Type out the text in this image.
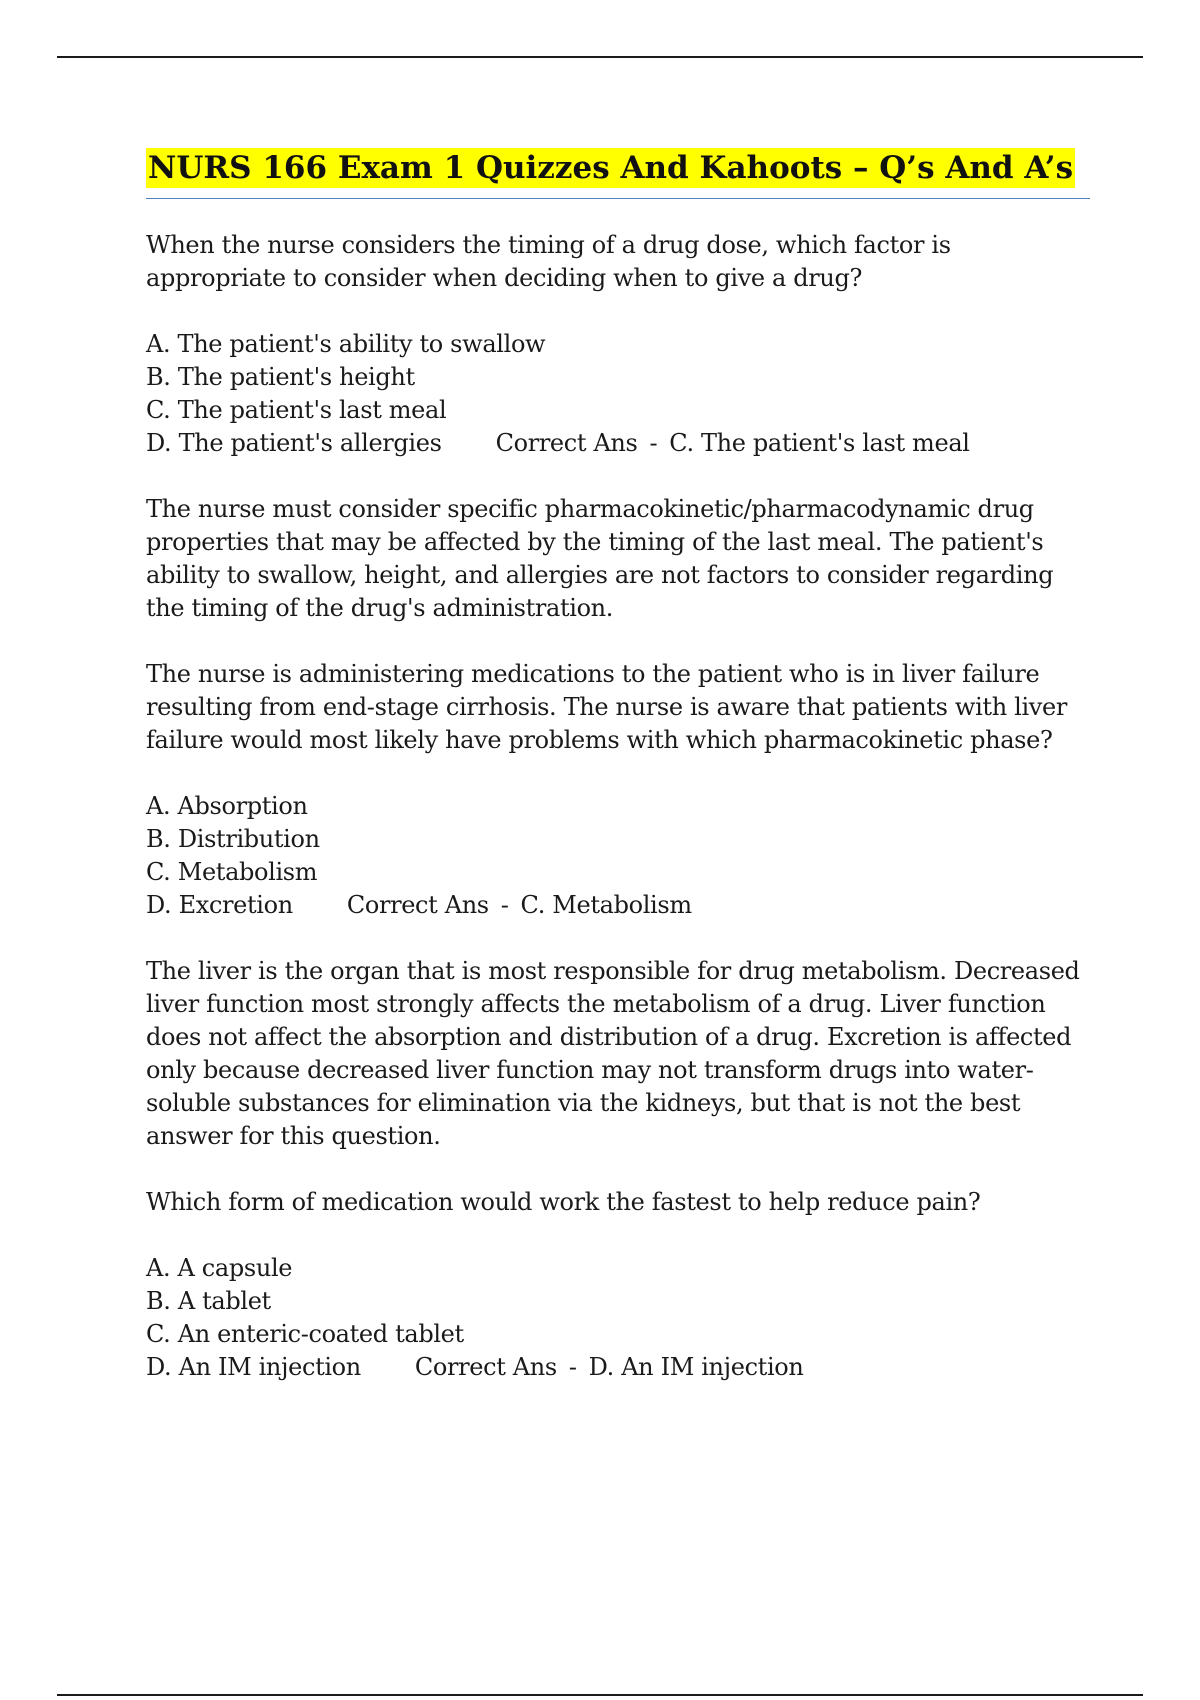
NURS 166 Exam 1 Quizzes And Kahoots – Q’s And A’s

When the nurse considers the timing of a drug dose, which factor is appropriate to consider when deciding when to give a drug?

A. The patient's ability to swallow
B. The patient's height
C. The patient's last meal
D. The patient's allergies Correct Ans - C. The patient's last meal

The nurse must consider specific pharmacokinetic/pharmacodynamic drug properties that may be affected by the timing of the last meal. The patient's ability to swallow, height, and allergies are not factors to consider regarding the timing of the drug's administration.

The nurse is administering medications to the patient who is in liver failure resulting from end-stage cirrhosis. The nurse is aware that patients with liver failure would most likely have problems with which pharmacokinetic phase?

A. Absorption
B. Distribution
C. Metabolism
D. Excretion Correct Ans - C. Metabolism

The liver is the organ that is most responsible for drug metabolism. Decreased liver function most strongly affects the metabolism of a drug. Liver function does not affect the absorption and distribution of a drug. Excretion is affected only because decreased liver function may not transform drugs into water-soluble substances for elimination via the kidneys, but that is not the best answer for this question.

Which form of medication would work the fastest to help reduce pain?

A. A capsule
B. A tablet
C. An enteric-coated tablet
D. An IM injection Correct Ans - D. An IM injection
